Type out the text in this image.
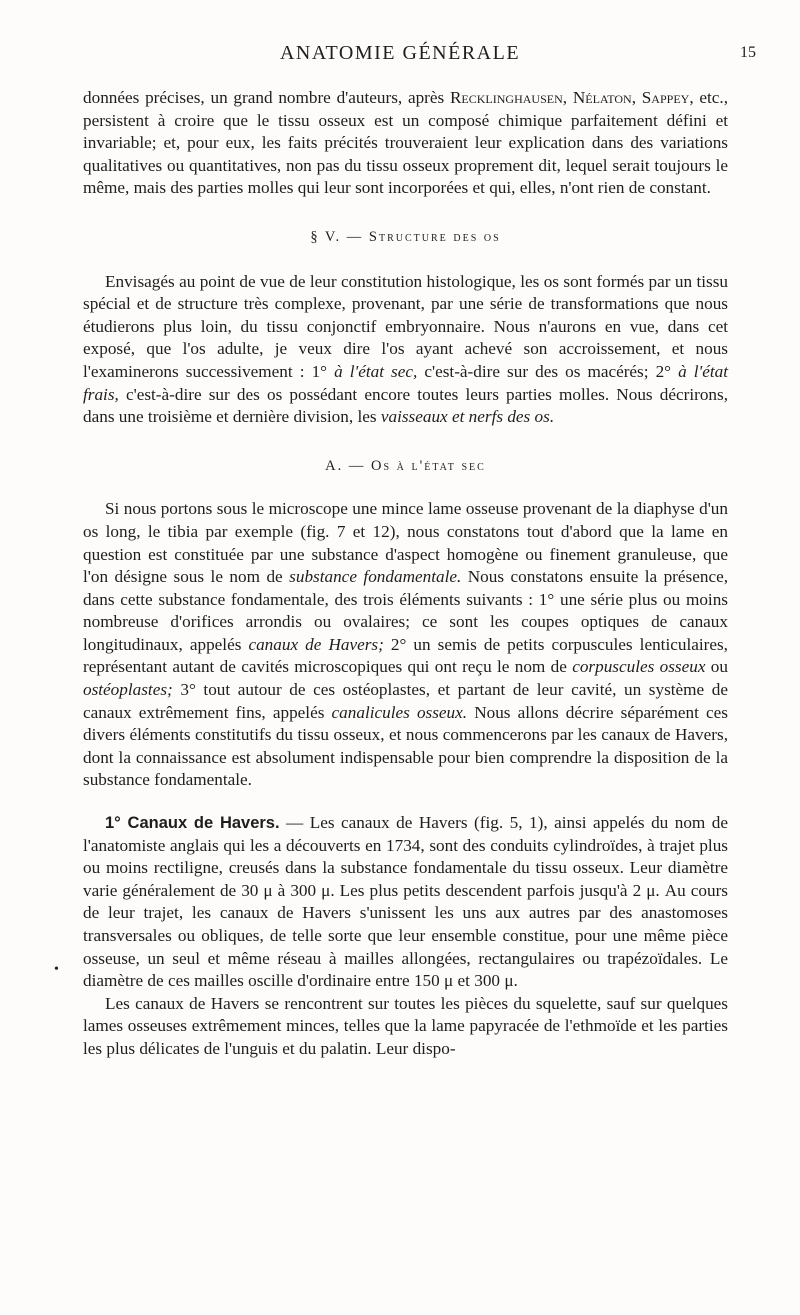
ANATOMIE GÉNÉRALE	15
•

données précises, un grand nombre d'auteurs, après Recklinghausen, Nélaton, Sappey, etc., persistent à croire que le tissu osseux est un composé chimique parfaitement défini et invariable; et, pour eux, les faits précités trouveraient leur explication dans des variations qualitatives ou quantitatives, non pas du tissu osseux proprement dit, lequel serait toujours le même, mais des parties molles qui leur sont incorporées et qui, elles, n'ont rien de constant.

§ V. — Structure des os

Envisagés au point de vue de leur constitution histologique, les os sont formés par un tissu spécial et de structure très complexe, provenant, par une série de transformations que nous étudierons plus loin, du tissu conjonctif embryonnaire. Nous n'aurons en vue, dans cet exposé, que l'os adulte, je veux dire l'os ayant achevé son accroissement, et nous l'examinerons successivement : 1° à l'état sec, c'est-à-dire sur des os macérés; 2° à l'état frais, c'est-à-dire sur des os possédant encore toutes leurs parties molles. Nous décrirons, dans une troisième et dernière division, les vaisseaux et nerfs des os.

A. — Os à l'état sec

Si nous portons sous le microscope une mince lame osseuse provenant de la diaphyse d'un os long, le tibia par exemple (fig. 7 et 12), nous constatons tout d'abord que la lame en question est constituée par une substance d'aspect homogène ou finement granuleuse, que l'on désigne sous le nom de substance fondamentale. Nous constatons ensuite la présence, dans cette substance fondamentale, des trois éléments suivants : 1° une série plus ou moins nombreuse d'orifices arrondis ou ovalaires; ce sont les coupes optiques de canaux longitudinaux, appelés canaux de Havers; 2° un semis de petits corpuscules lenticulaires, représentant autant de cavités microscopiques qui ont reçu le nom de corpuscules osseux ou ostéoplastes; 3° tout autour de ces ostéoplastes, et partant de leur cavité, un système de canaux extrêmement fins, appelés canalicules osseux. Nous allons décrire séparément ces divers éléments constitutifs du tissu osseux, et nous commencerons par les canaux de Havers, dont la connaissance est absolument indispensable pour bien comprendre la disposition de la substance fondamentale.

1° Canaux de Havers. — Les canaux de Havers (fig. 5, 1), ainsi appelés du nom de l'anatomiste anglais qui les a découverts en 1734, sont des conduits cylindroïdes, à trajet plus ou moins rectiligne, creusés dans la substance fondamentale du tissu osseux. Leur diamètre varie généralement de 30 μ à 300 μ. Les plus petits descendent parfois jusqu'à 2 μ. Au cours de leur trajet, les canaux de Havers s'unissent les uns aux autres par des anastomoses transversales ou obliques, de telle sorte que leur ensemble constitue, pour une même pièce osseuse, un seul et même réseau à mailles allongées, rectangulaires ou trapézoïdales. Le diamètre de ces mailles oscille d'ordinaire entre 150 μ et 300 μ.

Les canaux de Havers se rencontrent sur toutes les pièces du squelette, sauf sur quelques lames osseuses extrêmement minces, telles que la lame papyracée de l'ethmoïde et les parties les plus délicates de l'unguis et du palatin. Leur dispo-
